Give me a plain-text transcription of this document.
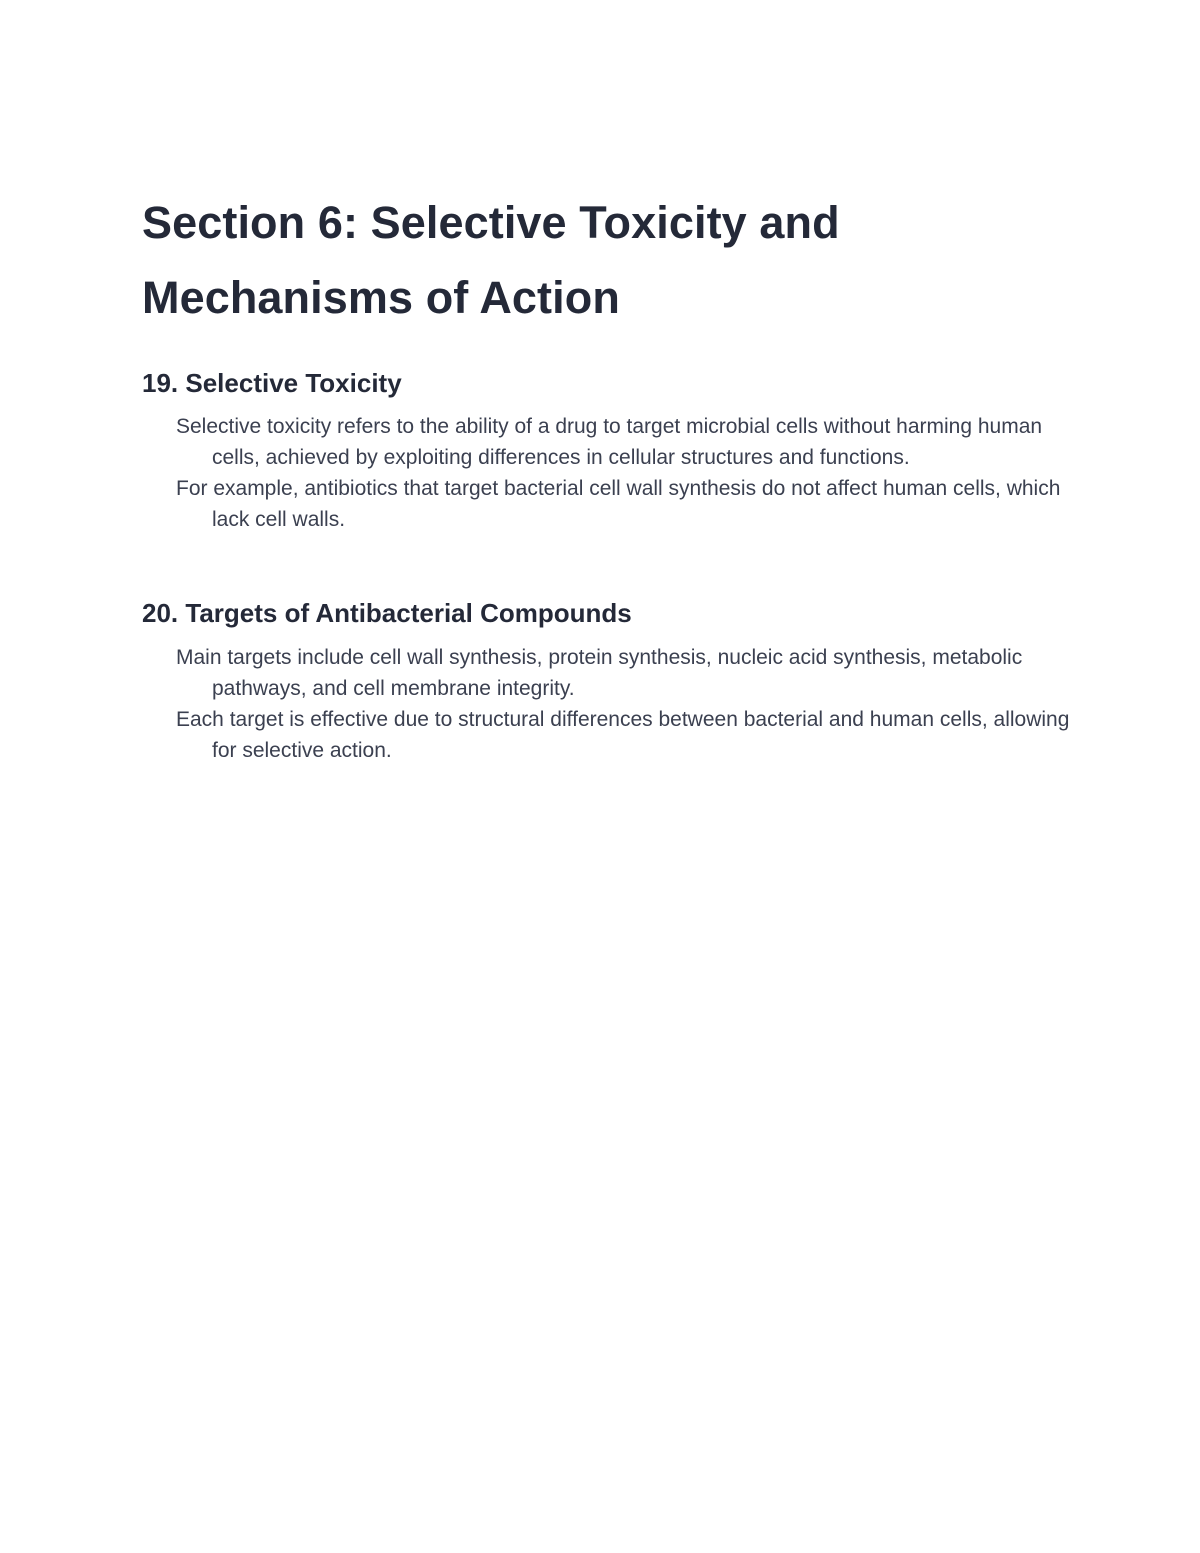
Section 6: Selective Toxicity and Mechanisms of Action
19. Selective Toxicity

Selective toxicity refers to the ability of a drug to target microbial cells without harming human cells, achieved by exploiting differences in cellular structures and functions.

For example, antibiotics that target bacterial cell wall synthesis do not affect human cells, which lack cell walls.

20. Targets of Antibacterial Compounds

Main targets include cell wall synthesis, protein synthesis, nucleic acid synthesis, metabolic pathways, and cell membrane integrity.

Each target is effective due to structural differences between bacterial and human cells, allowing for selective action.
